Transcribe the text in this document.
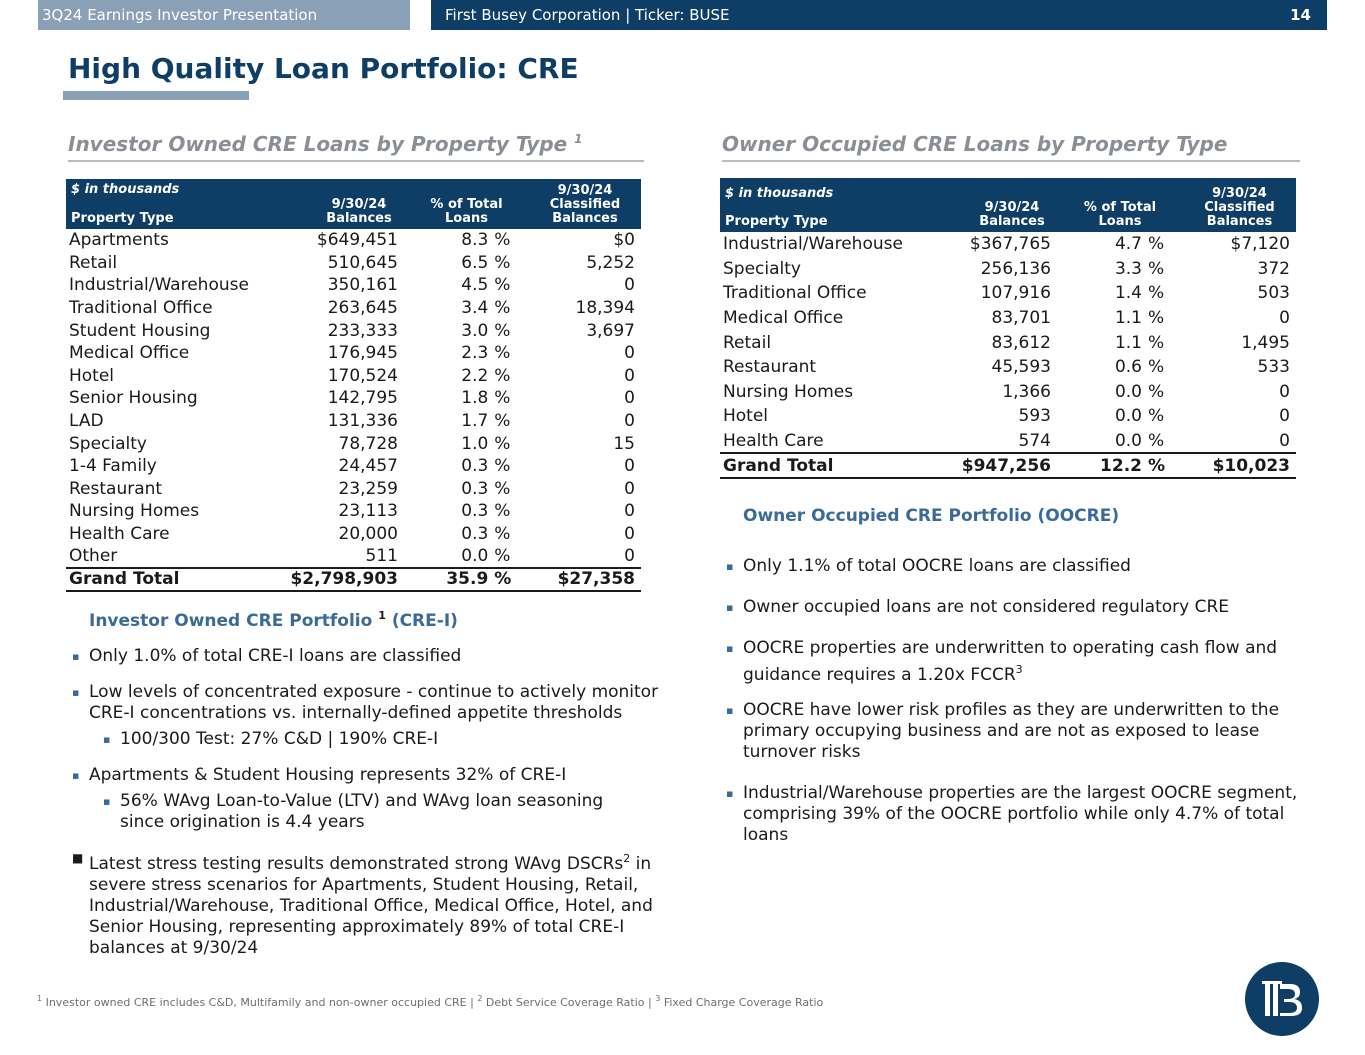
3Q24 Earnings Investor Presentation	First Busey Corporation | Ticker: BUSE	14
High Quality Loan Portfolio: CRE
Investor Owned CRE Loans by Property Type $^1$
$ in thousands
Property Type	9/30/24 Balances	% of Total Loans		9/30/24 Classified Balances

Apartments	$649,451	8.3	%	$0
Retail	510,645	6.5	%	5,252
Industrial/Warehouse	350,161	4.5	%	0
Traditional Office	263,645	3.4	%	18,394
Student Housing	233,333	3.0	%	3,697
Medical Office	176,945	2.3	%	0
Hotel	170,524	2.2	%	0
Senior Housing	142,795	1.8	%	0
LAD	131,336	1.7	%	0
Specialty	78,728	1.0	%	15
1-4 Family	24,457	0.3	%	0
Restaurant	23,259	0.3	%	0
Nursing Homes	23,113	0.3	%	0
Health Care	20,000	0.3	%	0
Other	511	0.0	%	0
Grand Total	$2,798,903	35.9	%	$27,358
Investor Owned CRE Portfolio $^1$ (CRE-I)
▪ Only 1.0% of total CRE-I loans are classified
▪ Low levels of concentrated exposure - continue to actively monitor CRE-I concentrations vs. internally-defined appetite thresholds
▪ 100/300 Test: 27% C&D | 190% CRE-I
▪ Apartments & Student Housing represents 32% of CRE-I
▪ 56% WAvg Loan-to-Value (LTV) and WAvg loan seasoning since origination is 4.4 years
■ Latest stress testing results demonstrated strong WAvg DSCRs$^2$ in severe stress scenarios for Apartments, Student Housing, Retail, Industrial/Warehouse, Traditional Office, Medical Office, Hotel, and Senior Housing, representing approximately 89% of total CRE-I balances at 9/30/24
Owner Occupied CRE Loans by Property Type
$ in thousands
Property Type	9/30/24 Balances	% of Total Loans		9/30/24 Classified Balances

Industrial/Warehouse	$367,765	4.7	%	$7,120
Specialty	256,136	3.3	%	372
Traditional Office	107,916	1.4	%	503
Medical Office	83,701	1.1	%	0
Retail	83,612	1.1	%	1,495
Restaurant	45,593	0.6	%	533
Nursing Homes	1,366	0.0	%	0
Hotel	593	0.0	%	0
Health Care	574	0.0	%	0
Grand Total	$947,256	12.2	%	$10,023
Owner Occupied CRE Portfolio (OOCRE)
▪ Only 1.1% of total OOCRE loans are classified
▪ Owner occupied loans are not considered regulatory CRE
▪ OOCRE properties are underwritten to operating cash flow and guidance requires a 1.20x FCCR$^3$
▪ OOCRE have lower risk profiles as they are underwritten to the primary occupying business and are not as exposed to lease turnover risks
▪ Industrial/Warehouse properties are the largest OOCRE segment, comprising 39% of the OOCRE portfolio while only 4.7% of total loans
$^1$ Investor owned CRE includes C&D, Multifamily and non-owner occupied CRE | $^2$ Debt Service Coverage Ratio | $^3$ Fixed Charge Coverage Ratio
